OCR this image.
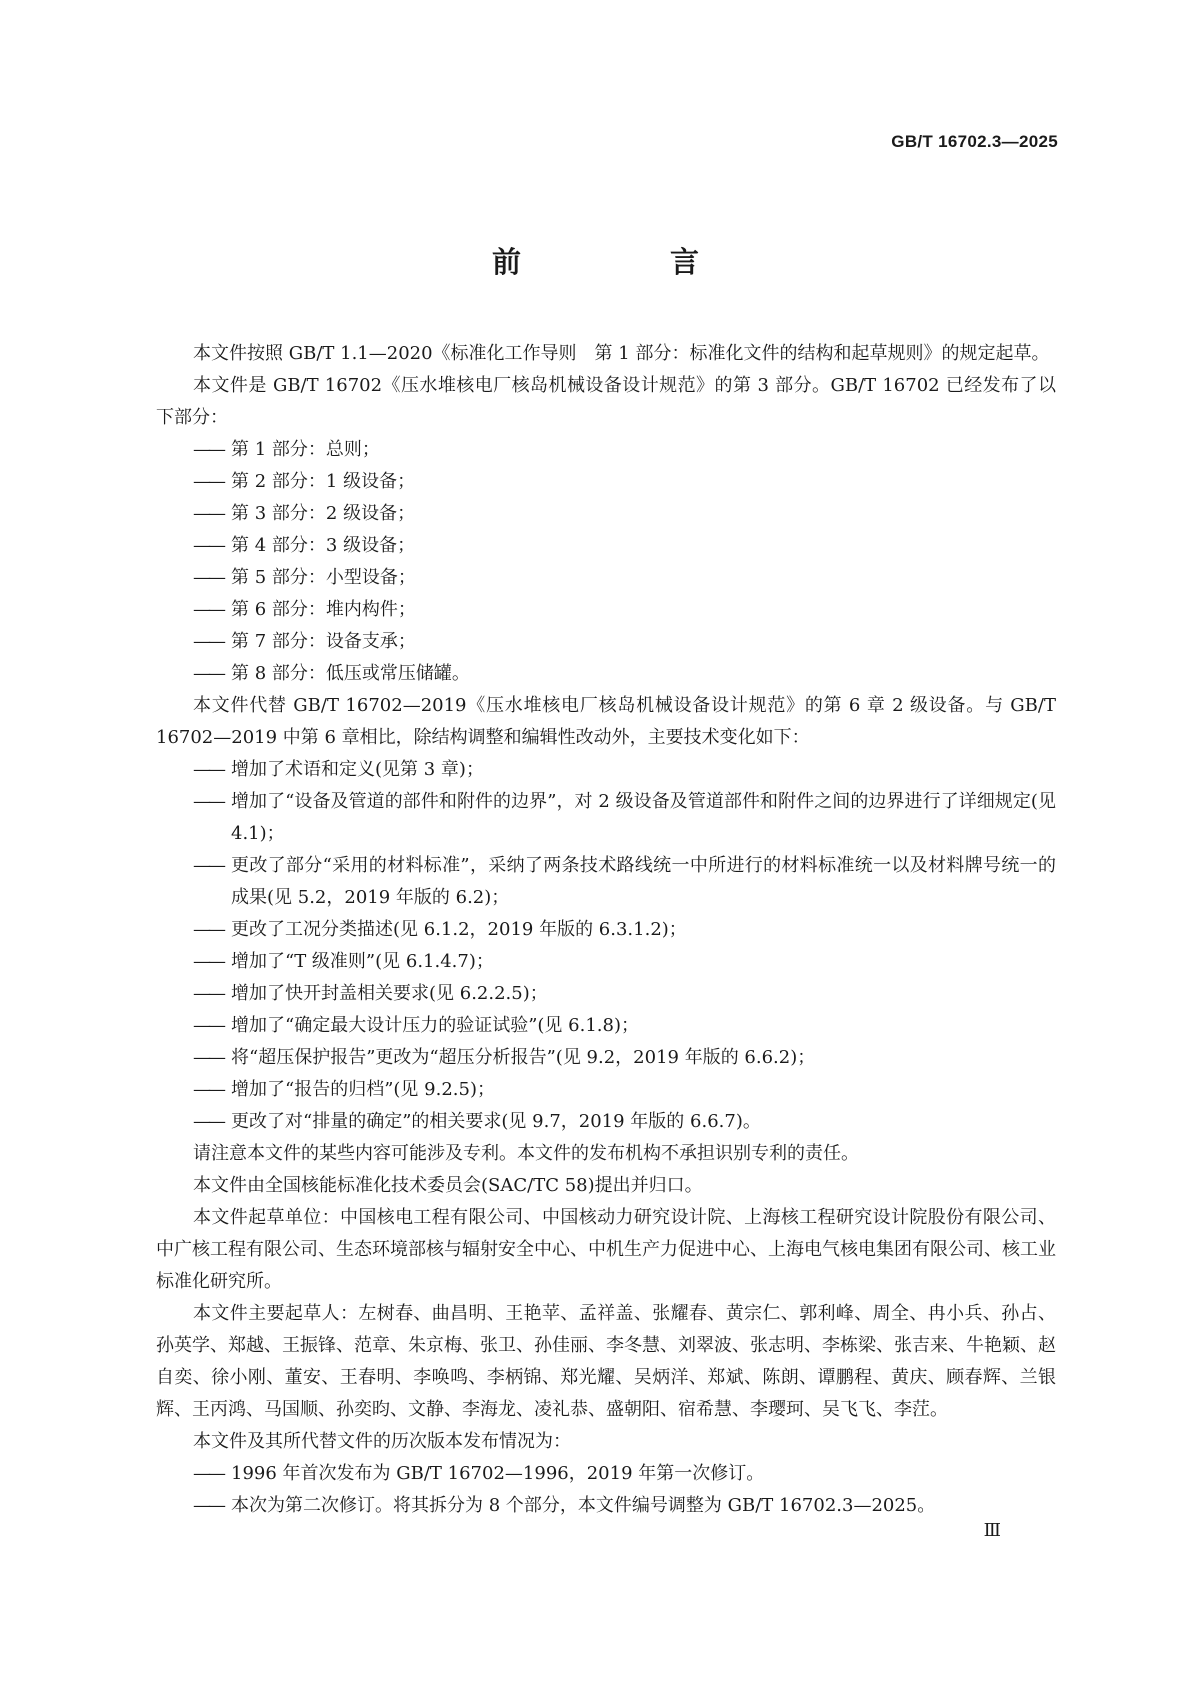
GB/T 16702.3—2025
前　言

本文件按照 GB/T 1.1—2020《标准化工作导则　第 1 部分：标准化文件的结构和起草规则》的规定起草。

本文件是 GB/T 16702《压水堆核电厂核岛机械设备设计规范》的第 3 部分。GB/T 16702 已经发布了以下部分：

—— 第 1 部分：总则；

—— 第 2 部分：1 级设备；

—— 第 3 部分：2 级设备；

—— 第 4 部分：3 级设备；

—— 第 5 部分：小型设备；

—— 第 6 部分：堆内构件；

—— 第 7 部分：设备支承；

—— 第 8 部分：低压或常压储罐。

本文件代替 GB/T 16702—2019《压水堆核电厂核岛机械设备设计规范》的第 6 章 2 级设备。与 GB/T 16702—2019 中第 6 章相比，除结构调整和编辑性改动外，主要技术变化如下：

—— 增加了术语和定义(见第 3 章)；

—— 增加了“设备及管道的部件和附件的边界”，对 2 级设备及管道部件和附件之间的边界进行了详细规定(见 4.1)；

—— 更改了部分“采用的材料标准”，采纳了两条技术路线统一中所进行的材料标准统一以及材料牌号统一的成果(见 5.2，2019 年版的 6.2)；

—— 更改了工况分类描述(见 6.1.2，2019 年版的 6.3.1.2)；

—— 增加了“T 级准则”(见 6.1.4.7)；

—— 增加了快开封盖相关要求(见 6.2.2.5)；

—— 增加了“确定最大设计压力的验证试验”(见 6.1.8)；

—— 将“超压保护报告”更改为“超压分析报告”(见 9.2，2019 年版的 6.6.2)；

—— 增加了“报告的归档”(见 9.2.5)；

—— 更改了对“排量的确定”的相关要求(见 9.7，2019 年版的 6.6.7)。

请注意本文件的某些内容可能涉及专利。本文件的发布机构不承担识别专利的责任。

本文件由全国核能标准化技术委员会(SAC/TC 58)提出并归口。

本文件起草单位：中国核电工程有限公司、中国核动力研究设计院、上海核工程研究设计院股份有限公司、中广核工程有限公司、生态环境部核与辐射安全中心、中机生产力促进中心、上海电气核电集团有限公司、核工业标准化研究所。

本文件主要起草人：左树春、曲昌明、王艳苹、孟祥盖、张耀春、黄宗仁、郭利峰、周全、冉小兵、孙占、孙英学、郑越、王振锋、范章、朱京梅、张卫、孙佳丽、李冬慧、刘翠波、张志明、李栋梁、张吉来、牛艳颖、赵自奕、徐小刚、董安、王春明、李唤鸣、李柄锦、郑光耀、吴炳洋、郑斌、陈朗、谭鹏程、黄庆、顾春辉、兰银辉、王丙鸿、马国顺、孙奕昀、文静、李海龙、凌礼恭、盛朝阳、宿希慧、李璎珂、吴飞飞、李茳。

本文件及其所代替文件的历次版本发布情况为：

—— 1996 年首次发布为 GB/T 16702—1996，2019 年第一次修订。

—— 本次为第二次修订。将其拆分为 8 个部分，本文件编号调整为 GB/T 16702.3—2025。

Ⅲ
